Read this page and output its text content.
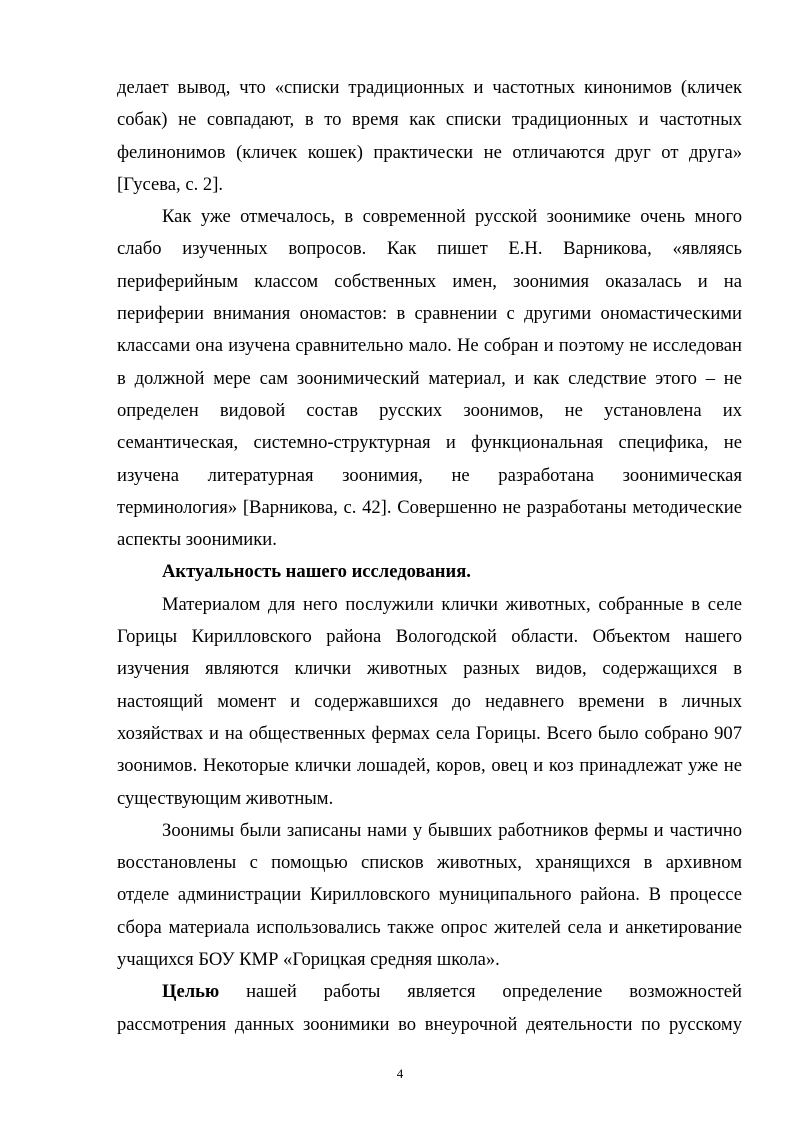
делает вывод, что «списки традиционных и частотных кинонимов (кличек
собак) не совпадают, в то время как списки традиционных и частотных
фелинонимов (кличек кошек) практически не отличаются друг от друга»
[Гусева, с. 2].
Как уже отмечалось, в современной русской зоонимике очень много
слабо изученных вопросов. Как пишет Е.Н. Варникова, «являясь
периферийным классом собственных имен, зоонимия оказалась и на
периферии внимания ономастов: в сравнении с другими ономастическими
классами она изучена сравнительно мало. Не собран и поэтому не исследован
в должной мере сам зоонимический материал, и как следствие этого – не
определен видовой состав русских зоонимов, не установлена их
семантическая, системно-структурная и функциональная специфика, не
изучена литературная зоонимия, не разработана зоонимическая
терминология» [Варникова, с. 42]. Совершенно не разработаны методические
аспекты зоонимики.
Актуальность нашего исследования.
Материалом для него послужили клички животных, собранные в селе
Горицы Кирилловского района Вологодской области. Объектом нашего
изучения являются клички животных разных видов, содержащихся в
настоящий момент и содержавшихся до недавнего времени в личных
хозяйствах и на общественных фермах села Горицы. Всего было собрано 907
зоонимов. Некоторые клички лошадей, коров, овец и коз принадлежат уже не
существующим животным.
Зоонимы были записаны нами у бывших работников фермы и частично
восстановлены с помощью списков животных, хранящихся в архивном
отделе администрации Кирилловского муниципального района. В процессе
сбора материала использовались также опрос жителей села и анкетирование
учащихся БОУ КМР «Горицкая средняя школа».
Целью нашей работы является определение возможностей
рассмотрения данных зоонимики во внеурочной деятельности по русскому
4
